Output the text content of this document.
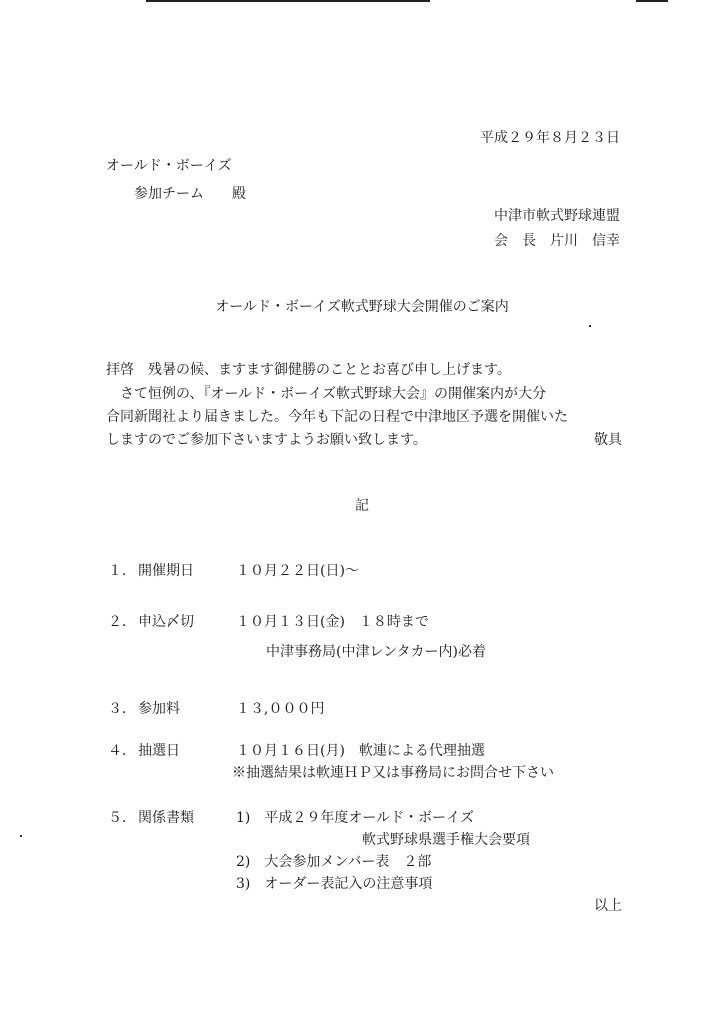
平成２９年８月２３日
オールド・ボーイズ
参加チーム　　殿
中津市軟式野球連盟
会　長　片川　信幸
オールド・ボーイズ軟式野球大会開催のご案内
拝啓　残暑の候、ますます御健勝のこととお喜び申し上げます。
　さて恒例の、『オールド・ボーイズ軟式野球大会』の開催案内が大分
合同新聞社より届きました。今年も下記の日程で中津地区予選を開催いた
しますのでご参加下さいますようお願い致します。	敬具
記
１． 開催期日	１０月２２日(日)～
２． 申込〆切	１０月１３日(金)　１８時まで
中津事務局(中津レンタカー内)必着
３． 参加料	１３,０００円
４． 抽選日	１０月１６日(月)　軟連による代理抽選
※抽選結果は軟連ＨＰ又は事務局にお問合せ下さい
５． 関係書類	1)　平成２９年度オールド・ボーイズ
軟式野球県選手権大会要項
2)　大会参加メンバー表　２部
3)　オーダー表記入の注意事項
以上
